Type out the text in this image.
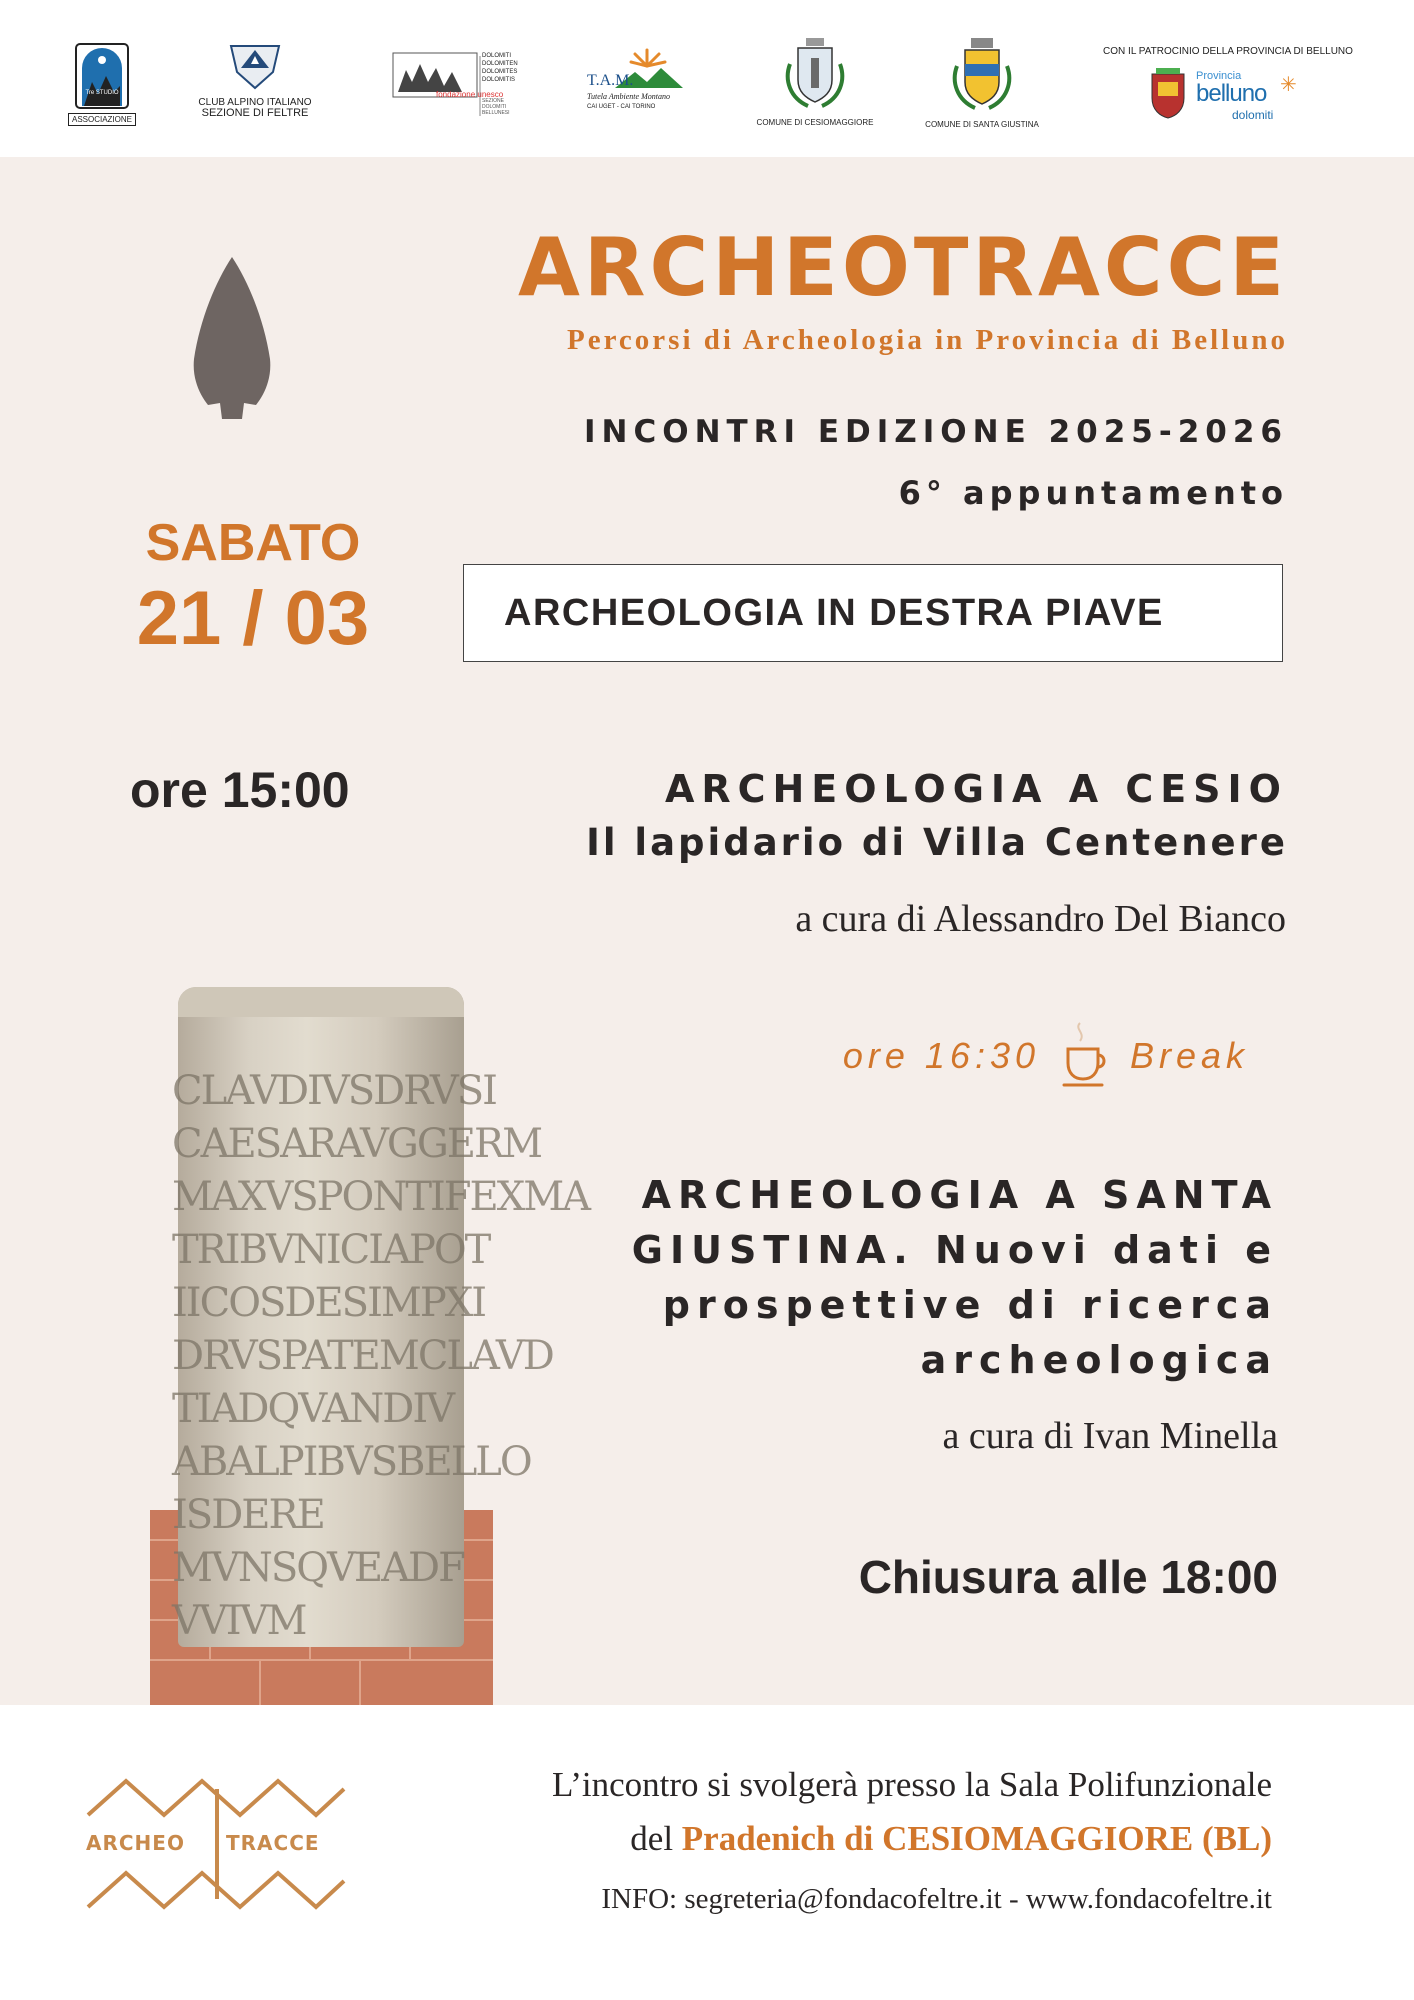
Tre STUDIO
ASSOCIAZIONE
CLUB ALPINO ITALIANO
SEZIONE DI FELTRE
fondazione unesco
DOLOMITI DOLOMITEN DOLOMITES DOLOMITIS
SEZIONE DOLOMITI BELLUNESI
T.A.M.
Tutela Ambiente Montano
CAI UGET - CAI TORINO
COMUNE DI CESIOMAGGIORE	COMUNE DI SANTA GIUSTINA
CON IL PATROCINIO DELLA PROVINCIA DI BELLUNO
Provincia
belluno
dolomiti
✳
ARCHEOTRACCE
Percorsi di Archeologia in Provincia di Belluno
INCONTRI EDIZIONE 2025-2026
6° appuntamento
SABATO
21 / 03	ARCHEOLOGIA IN DESTRA PIAVE
ore 15:00	ARCHEOLOGIA A CESIO
Il lapidario di Villa Centenere
a cura di Alessandro Del Bianco
ore 16:30	Break
ARCHEOLOGIA A SANTA
GIUSTINA. Nuovi dati e
prospettive di ricerca
archeologica
a cura di Ivan Minella
Chiusura alle 18:00
CLAVDIVSDRVSI
CAESARAVGGERM
MAXVSPONTIFEXMA
TRIBVNICIAPOT
IICOSDESIMPXI
DRVSPATEMCLAVD
TIADQVANDIV
ABALPIBVSBELLO
ISDERE
MVNSQVEADF
VVIVM
ARCHEO	TRACCE
L’incontro si svolgerà presso la Sala Polifunzionale
del Pradenich di CESIOMAGGIORE (BL)
INFO: segreteria@fondacofeltre.it - www.fondacofeltre.it
